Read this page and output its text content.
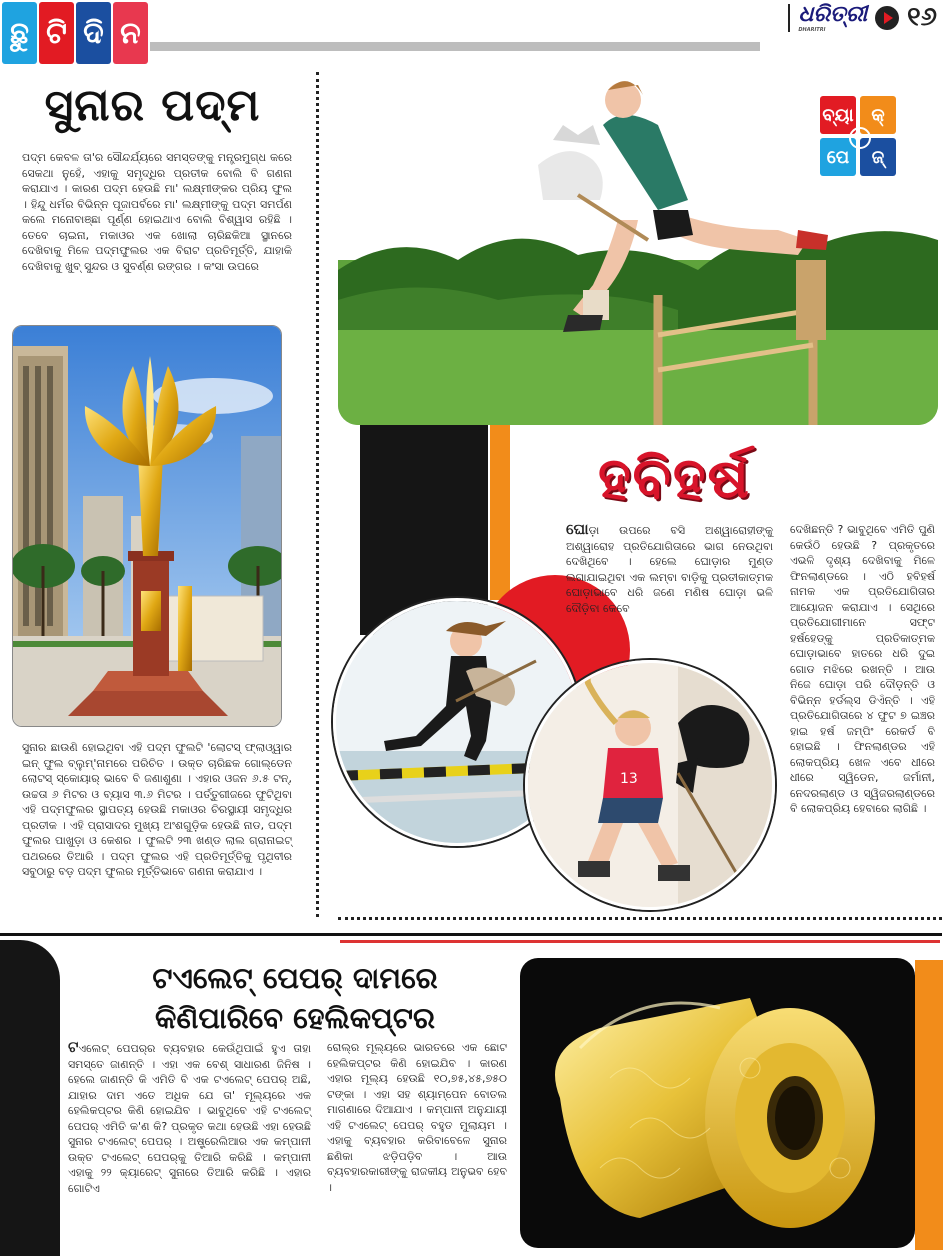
ଛୁ ଟି ଦି ନ
ଧରିତ୍ରୀ
DHARITRI	୧୬
ସୁନାର ପଦ୍ମ
ପଦ୍ମ କେବଳ ତା'ର ସୌନ୍ଦର୍ଯ୍ୟରେ ସମସ୍ତଙ୍କୁ ମନ୍ତ୍ରମୁଗ୍ଧ କରେ ସେକଥା ନୁହେଁ, ଏହାକୁ ସମୃଦ୍ଧିର ପ୍ରତୀକ ବୋଲି ବି ଗଣନା କରାଯାଏ । କାରଣ ପଦ୍ମ ହେଉଛି ମା' ଲକ୍ଷ୍ମୀଙ୍କର ପ୍ରିୟ ଫୁଲ । ହିନ୍ଦୁ ଧର୍ମର ବିଭିନ୍ନ ପୂଜାପର୍ବରେ ମା' ଲକ୍ଷ୍ମୀଙ୍କୁ ପଦ୍ମ ସମର୍ପଣ କଲେ ମନୋବାଞ୍ଛା ପୂର୍ଣ୍ଣ ହୋଇଥାଏ ବୋଲି ବିଶ୍ୱାସ ରହିଛି । ତେବେ ଚାଇନା, ମକାଓର ଏକ ଖୋଲା ଚାରିଛକିଆ ସ୍ଥାନରେ ଦେଖିବାକୁ ମିଳେ ପଦ୍ମଫୁଲର ଏକ ବିରାଟ ପ୍ରତିମୂର୍ତ୍ତି, ଯାହାକି ଦେଖିବାକୁ ଖୁବ୍ ସୁନ୍ଦର ଓ ସୁବର୍ଣ୍ଣ ରଙ୍ଗର । କଂସା ଉପରେ
ସୁନାର ଛାଉଣି ହୋଇଥିବା ଏହି ପଦ୍ମ ଫୁଲଟି 'ଲୋଟସ୍ ଫ୍ଲାଓ୍ୱାର ଇନ୍ ଫୁଲ ବ୍ଲୁମ୍'ନାମରେ ପରିଚିତ । ଉକ୍ତ ଚାରିଛକ ଗୋଲ୍ଡେନ ଲୋଟସ୍ ସ୍କୋୟାର୍ ଭାବେ ବି ଜଣାଶୁଣା । ଏହାର ଓଜନ ୬.୫ ଟନ୍, ଉଚ୍ଚତା ୬ ମିଟର ଓ ବ୍ୟାସ ୩.୬ ମିଟର । ପର୍ତ୍ତୁଗୀଜରେ ଫୁଟିଥିବା ଏହି ପଦ୍ମଫୁଲର ସ୍ଥାପତ୍ୟ ହେଉଛି ମକାଓର ଚିରସ୍ଥାୟୀ ସମୃଦ୍ଧିର ପ୍ରତୀକ । ଏହି ପ୍ରାସାଦର ମୁଖ୍ୟ ଅଂଶଗୁଡ଼ିକ ହେଉଛି ନାଡ, ପଦ୍ମ ଫୁଲର ପାଖୁଡ଼ା ଓ କେଶର । ଫୁଲଟି ୨୩ ଖଣ୍ଡ ଲାଲ ଗ୍ରାନାଇଟ୍ ପଥରରେ ତିଆରି । ପଦ୍ମ ଫୁଲର ଏହି ପ୍ରତିମୂର୍ତ୍ତିକୁ ପୃଥିବୀର ସବୁଠାରୁ ବଡ଼ ପଦ୍ମ ଫୁଲର ମୂର୍ତ୍ତିଭାବେ ଗଣନା କରାଯାଏ ।
ବ୍ୟା କ୍
ପେ	ଜ୍
ହବିହର୍ଷ
ଘୋଡ଼ା ଉପରେ ବସି ଅଶ୍ୱାରୋହୀଙ୍କୁ ଅଶ୍ୱାରୋହ ପ୍ରତିଯୋଗିତାରେ ଭାଗ ନେଉଥିବା ଦେଖିଥିବେ । ହେଲେ ଘୋଡ଼ାର ମୁଣ୍ଡ ଲଗାଯାଇଥିବା ଏକ ଲମ୍ବା ବାଡ଼ିକୁ ପ୍ରତୀକାତ୍ମକ ଘୋଡ଼ାଭାବେ ଧରି ଜଣେ ମଣିଷ ଘୋଡ଼ା ଭଳି ଦୌଡ଼ିବା କେବେ
ଦେଖିଛନ୍ତି ? ଭାବୁଥିବେ ଏମିତି ପୁଣି କେଉଁଠି ହେଉଛି ? ପ୍ରକୃତରେ ଏଭଳି ଦୃଶ୍ୟ ଦେଖିବାକୁ ମିଳେ ଫିନଲାଣ୍ଡରେ । ଏଠି ହବିହର୍ଷ ନାମକ ଏକ ପ୍ରତିଯୋଗିତାର ଆୟୋଜନ କରାଯାଏ । ସେଥିରେ ପ୍ରତିଯୋଗୀମାନେ ସଫ୍ଟ ହର୍ଷହେଡ୍‌କୁ ପ୍ରତିକାତ୍ମକ ଘୋଡ଼ାଭାବେ ହାତରେ ଧରି ଦୁଇ ଗୋଡ ମଝିରେ ରଖନ୍ତି । ଆଉ ନିଜେ ଘୋଡ଼ା ପରି ଦୌଡ଼ନ୍ତି ଓ ବିଭିନ୍ନ ହର୍ଡଲ୍ସ ଡିଏଁନ୍ତି । ଏହି ପ୍ରତିଯୋଗିତାରେ ୪ ଫୁଟ ୭ ଇଞ୍ଚର ହାଇ ହର୍ଷ ଜମ୍ପିଂ ରେକର୍ଡ ବି ହୋଇଛି । ଫିନଲାଣ୍ଡର ଏହି ଲୋକପ୍ରିୟ ଖେଳ ଏବେ ଧୀରେ ଧୀରେ ସ୍ୱିଡେନ, ଜର୍ମାନୀ, ନେଦରଲାଣ୍ଡ ଓ ସ୍ୱିଜରଲାଣ୍ଡରେ ବି ଲୋକପ୍ରିୟ ହେବାରେ ଲାଗିଛି ।
13
ଟଏଲେଟ୍ ପେପର୍ ଦାମରେ
କିଣିପାରିବେ ହେଲିକପ୍ଟର
ଟଏଲେଟ୍ ପେପର୍‌ର ବ୍ୟବହାର କେଉଁଥିପାଇଁ ହୁଏ ତାହା ସମସ୍ତେ ଜାଣନ୍ତି । ଏହା ଏକ ବେଶ୍ ସାଧାରଣ ଜିନିଷ । ହେଲେ ଜାଣନ୍ତି କି ଏମିତି ବି ଏକ ଟଏଲେଟ୍ ପେପର୍ ଅଛି, ଯାହାର ଦାମ ଏତେ ଅଧିକ ଯେ ତା' ମୂଲ୍ୟରେ ଏକ ହେଲିକପ୍ଟର କିଣି ହୋଇଯିବ । ଭାବୁଥିବେ ଏହି ଟଏଲେଟ୍ ପେପର୍ ଏମିତି କ'ଣ କି? ପ୍ରକୃତ କଥା ହେଉଛି ଏହା ହେଉଛି ସୁନାର ଟଏଲେଟ୍ ପେପର୍ । ଅଷ୍ଟ୍ରେଲିଆର ଏକ କମ୍ପାନୀ ଉକ୍ତ ଟଏଲେଟ୍ ପେପର୍‌କୁ ତିଆରି କରିଛି । କମ୍ପାନୀ ଏହାକୁ ୨୨ କ୍ୟାରେଟ୍ ସୁନାରେ ତିଆରି କରିଛି । ଏହାର ଗୋଟିଏ
ରୋଲ୍‌ର ମୂଲ୍ୟରେ ଭାରତରେ ଏକ ଛୋଟ ହେଲିକପ୍ଟର କିଣି ହୋଇଯିବ । କାରଣ ଏହାର ମୂଲ୍ୟ ହେଉଛି ୧୦,୭୫,୪୫,୭୫୦ ଟଙ୍କା । ଏହା ସହ ଶ୍ୟାମ୍ପେନ ବୋତଲ ମାଗଣାରେ ଦିଆଯାଏ । କମ୍ପାନୀ ଅନୁଯାୟୀ ଏହି ଟଏଲେଟ୍ ପେପର୍ ବହୁତ ମୁଲାୟମ । ଏହାକୁ ବ୍ୟବହାର କରିବାବେଳେ ସୁନାର ଛଣିକା ଝଡ଼ିପଡ଼ିବ । ଆଉ ବ୍ୟବହାରକାରୀଙ୍କୁ ରାଜକୀୟ ଅନୁଭବ ହେବ ।
